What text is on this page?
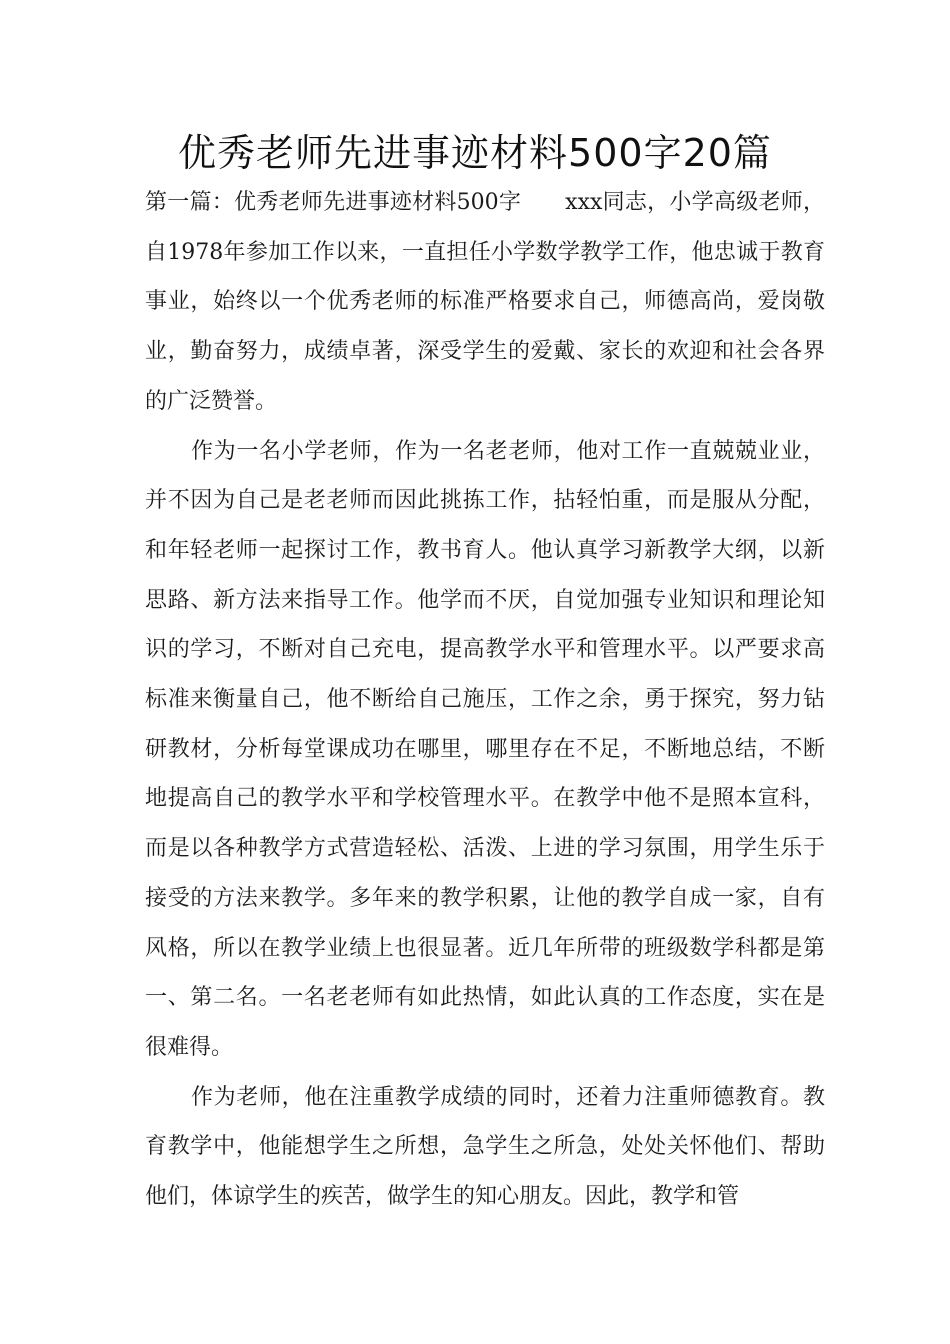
优秀老师先进事迹材料500字20篇

第一篇：优秀老师先进事迹材料500字 xxx同志，小学高级老师，自1978年参加工作以来，一直担任小学数学教学工作，他忠诚于教育事业，始终以一个优秀老师的标准严格要求自己，师德高尚，爱岗敬业，勤奋努力，成绩卓著，深受学生的爱戴、家长的欢迎和社会各界的广泛赞誉。

作为一名小学老师，作为一名老老师，他对工作一直兢兢业业，并不因为自己是老老师而因此挑拣工作，拈轻怕重，而是服从分配，和年轻老师一起探讨工作，教书育人。他认真学习新教学大纲，以新思路、新方法来指导工作。他学而不厌，自觉加强专业知识和理论知识的学习，不断对自己充电，提高教学水平和管理水平。以严要求高标准来衡量自己，他不断给自己施压，工作之余，勇于探究，努力钻研教材，分析每堂课成功在哪里，哪里存在不足，不断地总结，不断地提高自己的教学水平和学校管理水平。在教学中他不是照本宣科，而是以各种教学方式营造轻松、活泼、上进的学习氛围，用学生乐于接受的方法来教学。多年来的教学积累，让他的教学自成一家，自有风格，所以在教学业绩上也很显著。近几年所带的班级数学科都是第一、第二名。一名老老师有如此热情，如此认真的工作态度，实在是很难得。

作为老师，他在注重教学成绩的同时，还着力注重师德教育。教育教学中，他能想学生之所想，急学生之所急，处处关怀他们、帮助他们，体谅学生的疾苦，做学生的知心朋友。因此，教学和管
